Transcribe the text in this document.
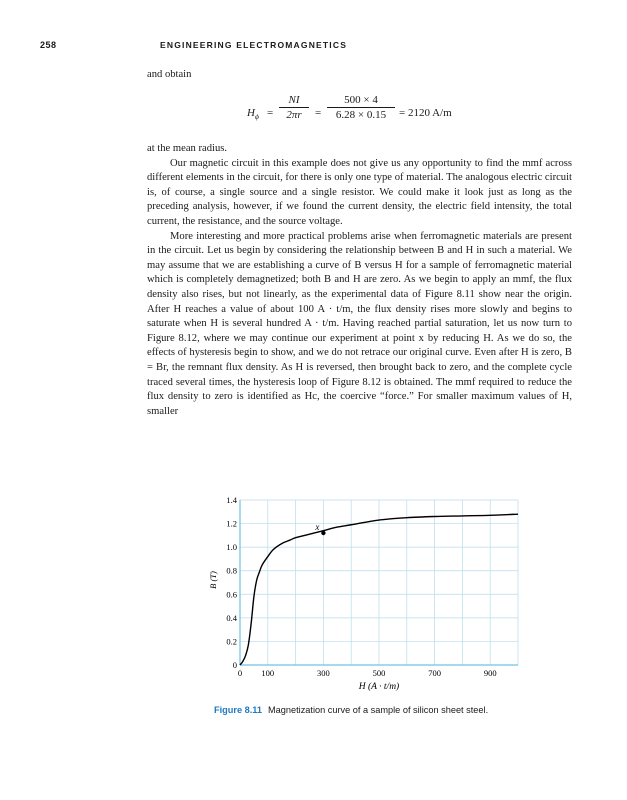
258	ENGINEERING ELECTROMAGNETICS

and obtain

$H_\phi$ =
NI
2πr	=
500 × 4
6.28 × 0.15	= 2120 A/m

at the mean radius.

Our magnetic circuit in this example does not give us any opportunity to find the mmf across different elements in the circuit, for there is only one type of material. The analogous electric circuit is, of course, a single source and a single resistor. We could make it look just as long as the preceding analysis, however, if we found the current density, the electric field intensity, the total current, the resistance, and the source voltage.

More interesting and more practical problems arise when ferromagnetic materials are present in the circuit. Let us begin by considering the relationship between B and H in such a material. We may assume that we are establishing a curve of B versus H for a sample of ferromagnetic material which is completely demagnetized; both B and H are zero. As we begin to apply an mmf, the flux density also rises, but not linearly, as the experimental data of Figure 8.11 show near the origin. After H reaches a value of about 100 A · t/m, the flux density rises more slowly and begins to saturate when H is several hundred A · t/m. Having reached partial saturation, let us now turn to Figure 8.12, where we may continue our experiment at point x by reducing H. As we do so, the effects of hysteresis begin to show, and we do not retrace our original curve. Even after H is zero, B = Br, the remnant flux density. As H is reversed, then brought back to zero, and the complete cycle traced several times, the hysteresis loop of Figure 8.12 is obtained. The mmf required to reduce the flux density to zero is identified as Hc, the coercive “force.” For smaller maximum values of H, smaller

0 100	300	500	700	900
0
0.2
0.4
0.6
0.8
1.0
1.2
1.4
x
H (A · t/m)
B (T)
Figure 8.11 Magnetization curve of a sample of silicon sheet steel.
